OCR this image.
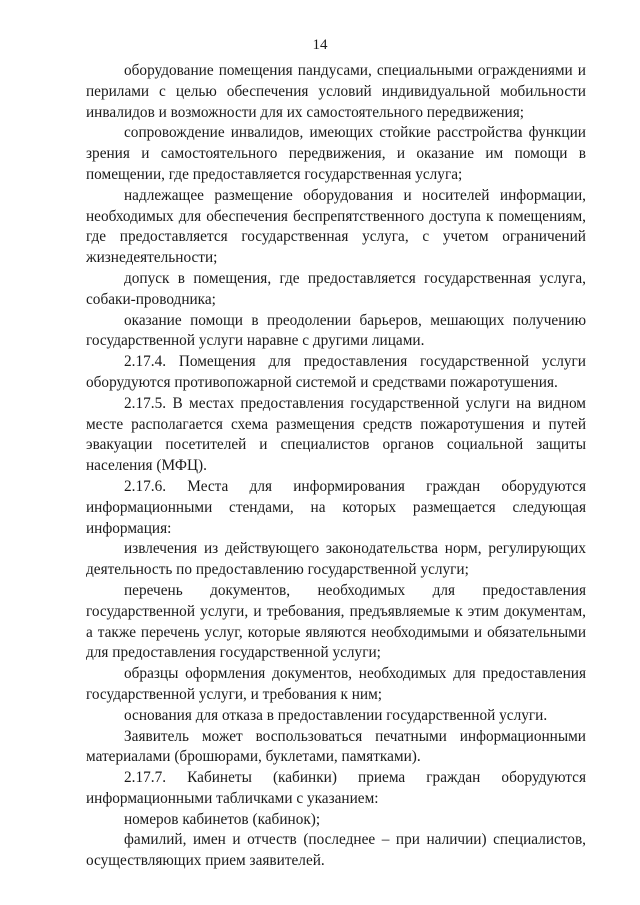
14

оборудование помещения пандусами, специальными ограждениями и перилами с целью обеспечения условий индивидуальной мобильности инвалидов и возможности для их самостоятельного передвижения;

сопровождение инвалидов, имеющих стойкие расстройства функции зрения и самостоятельного передвижения, и оказание им помощи в помещении, где предоставляется государственная услуга;

надлежащее размещение оборудования и носителей информации, необходимых для обеспечения беспрепятственного доступа к помещениям, где предоставляется государственная услуга, с учетом ограничений жизнедеятельности;

допуск в помещения, где предоставляется государственная услуга, собаки-проводника;

оказание помощи в преодолении барьеров, мешающих получению государственной услуги наравне с другими лицами.

2.17.4. Помещения для предоставления государственной услуги оборудуются противопожарной системой и средствами пожаротушения.

2.17.5. В местах предоставления государственной услуги на видном месте располагается схема размещения средств пожаротушения и путей эвакуации посетителей и специалистов органов социальной защиты населения (МФЦ).

2.17.6. Места для информирования граждан оборудуются информационными стендами, на которых размещается следующая информация:

извлечения из действующего законодательства норм, регулирующих деятельность по предоставлению государственной услуги;

перечень документов, необходимых для предоставления государственной услуги, и требования, предъявляемые к этим документам, а также перечень услуг, которые являются необходимыми и обязательными для предоставления государственной услуги;

образцы оформления документов, необходимых для предоставления государственной услуги, и требования к ним;

основания для отказа в предоставлении государственной услуги.

Заявитель может воспользоваться печатными информационными материалами (брошюрами, буклетами, памятками).

2.17.7. Кабинеты (кабинки) приема граждан оборудуются информационными табличками с указанием:

номеров кабинетов (кабинок);

фамилий, имен и отчеств (последнее – при наличии) специалистов, осуществляющих прием заявителей.
